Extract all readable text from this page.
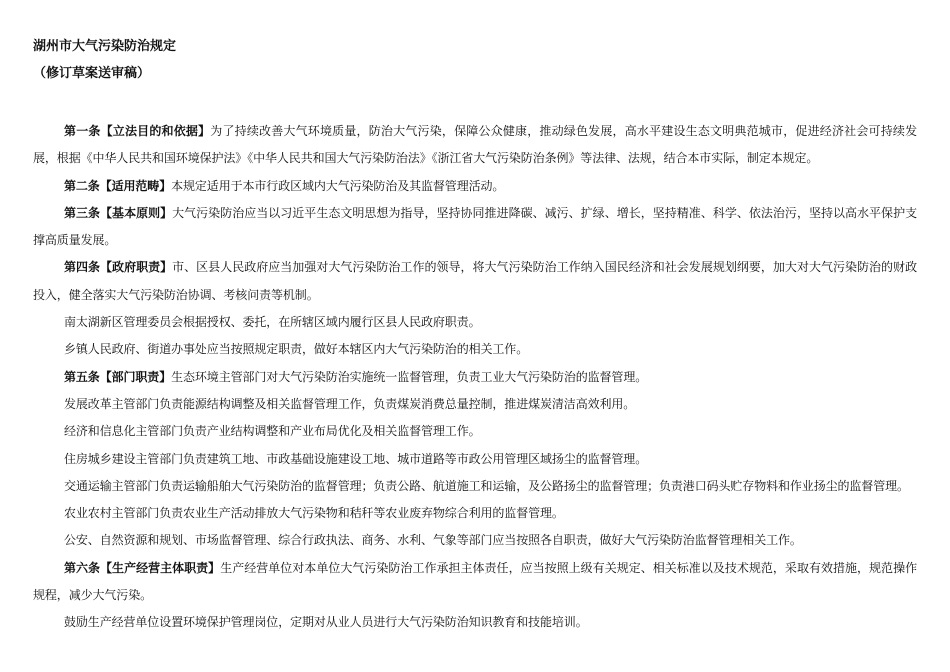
湖州市大气污染防治规定
（修订草案送审稿）

第一条【立法目的和依据】为了持续改善大气环境质量，防治大气污染，保障公众健康，推动绿色发展，高水平建设生态文明典范城市，促进经济社会可持续发展，根据《中华人民共和国环境保护法》《中华人民共和国大气污染防治法》《浙江省大气污染防治条例》等法律、法规，结合本市实际，制定本规定。

第二条【适用范畴】本规定适用于本市行政区域内大气污染防治及其监督管理活动。

第三条【基本原则】大气污染防治应当以习近平生态文明思想为指导，坚持协同推进降碳、减污、扩绿、增长，坚持精准、科学、依法治污，坚持以高水平保护支撑高质量发展。

第四条【政府职责】市、区县人民政府应当加强对大气污染防治工作的领导，将大气污染防治工作纳入国民经济和社会发展规划纲要，加大对大气污染防治的财政投入，健全落实大气污染防治协调、考核问责等机制。

南太湖新区管理委员会根据授权、委托，在所辖区域内履行区县人民政府职责。

乡镇人民政府、街道办事处应当按照规定职责，做好本辖区内大气污染防治的相关工作。

第五条【部门职责】生态环境主管部门对大气污染防治实施统一监督管理，负责工业大气污染防治的监督管理。

发展改革主管部门负责能源结构调整及相关监督管理工作，负责煤炭消费总量控制，推进煤炭清洁高效利用。

经济和信息化主管部门负责产业结构调整和产业布局优化及相关监督管理工作。

住房城乡建设主管部门负责建筑工地、市政基础设施建设工地、城市道路等市政公用管理区域扬尘的监督管理。

交通运输主管部门负责运输船舶大气污染防治的监督管理；负责公路、航道施工和运输，及公路扬尘的监督管理；负责港口码头贮存物料和作业扬尘的监督管理。

农业农村主管部门负责农业生产活动排放大气污染物和秸秆等农业废弃物综合利用的监督管理。

公安、自然资源和规划、市场监督管理、综合行政执法、商务、水利、气象等部门应当按照各自职责，做好大气污染防治监督管理相关工作。

第六条【生产经营主体职责】生产经营单位对本单位大气污染防治工作承担主体责任，应当按照上级有关规定、相关标准以及技术规范，采取有效措施，规范操作规程，减少大气污染。

鼓励生产经营单位设置环境保护管理岗位，定期对从业人员进行大气污染防治知识教育和技能培训。
